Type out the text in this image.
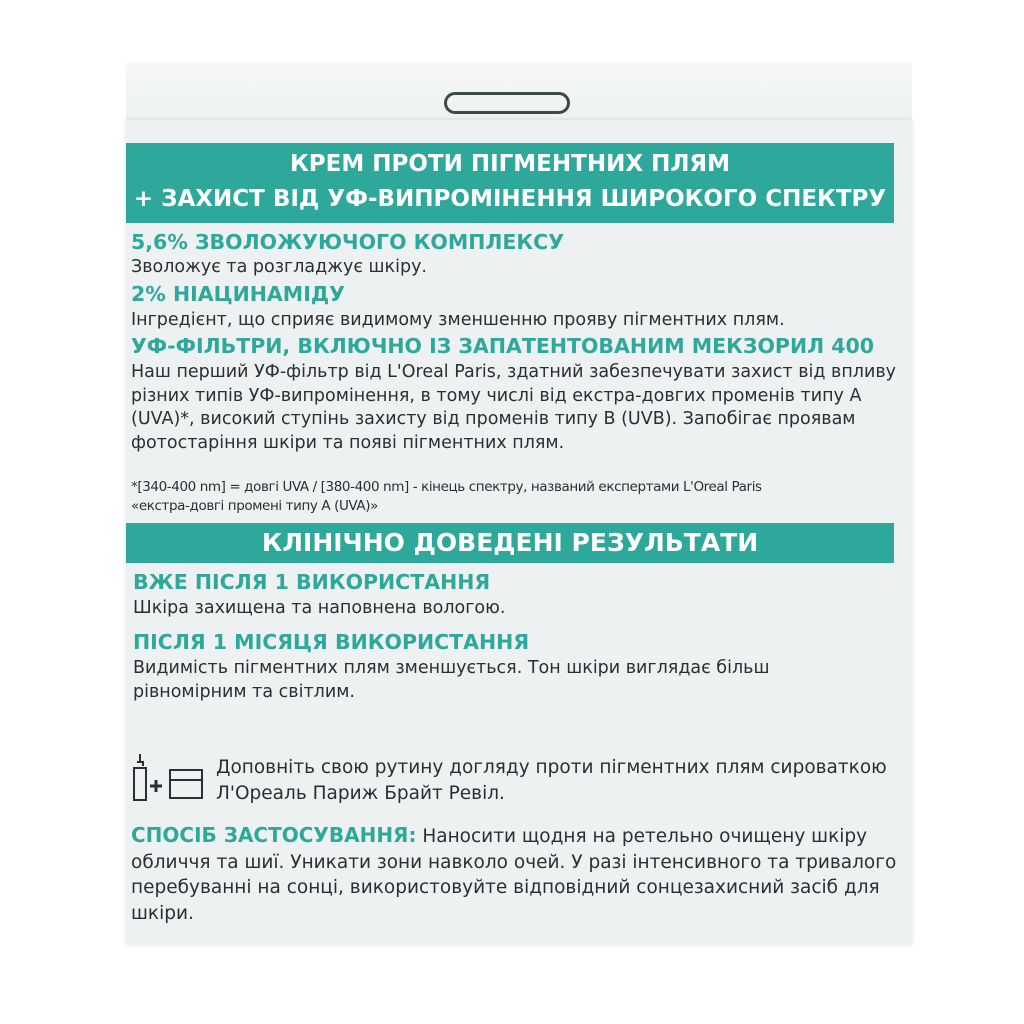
КРЕМ ПРОТИ ПІГМЕНТНИХ ПЛЯМ
+ ЗАХИСТ ВІД УФ-ВИПРОМІНЕННЯ ШИРОКОГО СПЕКТРУ
5,6% ЗВОЛОЖУЮЧОГО КОМПЛЕКСУ

Зволожує та розгладжує шкіру.

2% НІАЦИНАМІДУ

Інгредієнт, що сприяє видимому зменшенню прояву пігментних плям.

УФ-ФІЛЬТРИ, ВКЛЮЧНО ІЗ ЗАПАТЕНТОВАНИМ МЕКЗОРИЛ 400

Наш перший УФ-фільтр від L'Oreal Paris, здатний забезпечувати захист від впливу різних типів УФ-випромінення, в тому числі від екстра-довгих променів типу А (UVA)*, високий ступінь захисту від променів типу В (UVB). Запобігає проявам фотостаріння шкіри та появі пігментних плям.

*[340-400 nm] = довгі UVA / [380-400 nm] - кінець спектру, названий експертами L'Oreal Paris
«екстра-довгі промені типу А (UVA)»
КЛІНІЧНО ДОВЕДЕНІ РЕЗУЛЬТАТИ
ВЖЕ ПІСЛЯ 1 ВИКОРИСТАННЯ

Шкіра захищена та наповнена вологою.

ПІСЛЯ 1 МІСЯЦЯ ВИКОРИСТАННЯ

Видимість пігментних плям зменшується. Тон шкіри виглядає більш рівномірним та світлим.

Доповніть свою рутину догляду проти пігментних плям сироваткою Л'Ореаль Париж Брайт Ревіл.

СПОСІБ ЗАСТОСУВАННЯ: Наносити щодня на ретельно очищену шкіру обличчя та шиї. Уникати зони навколо очей. У разі інтенсивного та тривалого перебуванні на сонці, використовуйте відповідний сонцезахисний засіб для шкіри.
